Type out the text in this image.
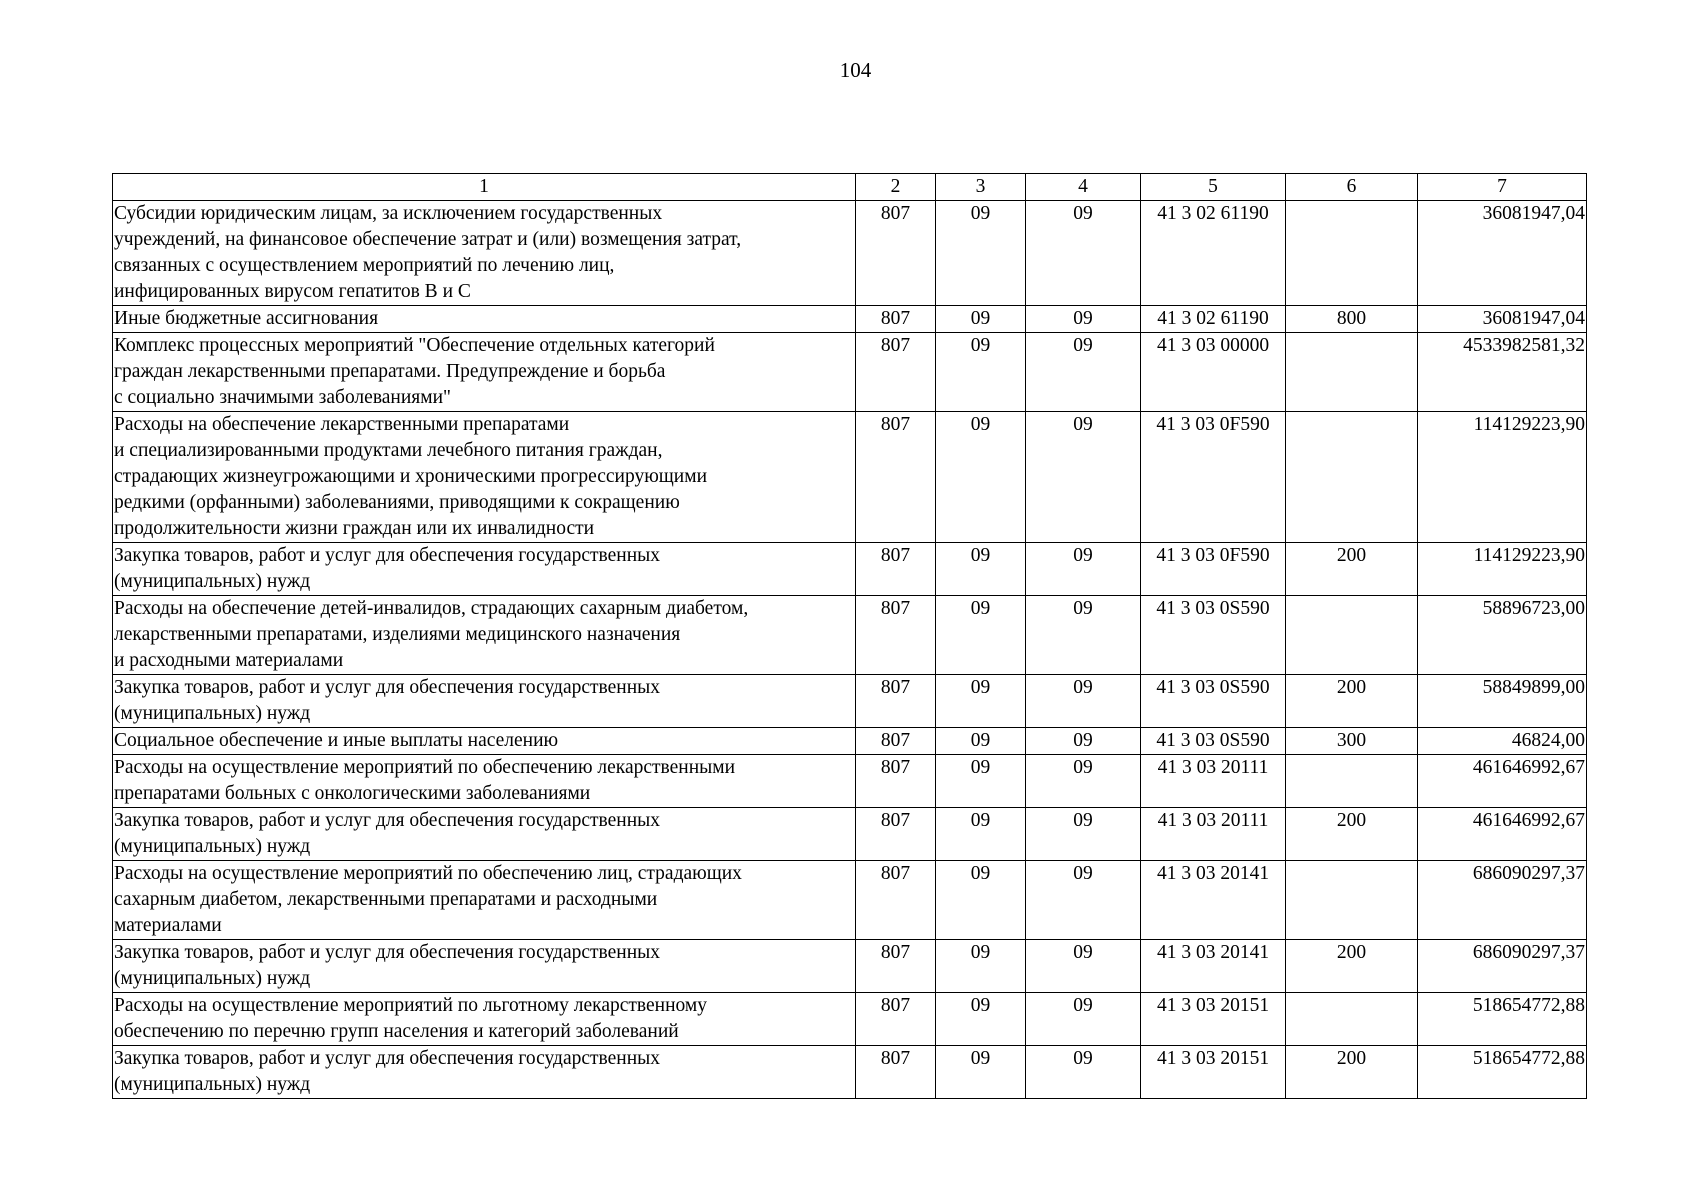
104
1	2	3	4	5	6	7

Субсидии юридическим лицам, за исключением государственных
учреждений, на финансовое обеспечение затрат и (или) возмещения затрат,
связанных с осуществлением мероприятий по лечению лиц,
инфицированных вирусом гепатитов В и С	807	09	09	41 3 02 61190		36081947,04

Иные бюджетные ассигнования	807	09	09	41 3 02 61190	800	36081947,04

Комплекс процессных мероприятий "Обеспечение отдельных категорий
граждан лекарственными препаратами. Предупреждение и борьба
с социально значимыми заболеваниями"	807	09	09	41 3 03 00000		4533982581,32

Расходы на обеспечение лекарственными препаратами
и специализированными продуктами лечебного питания граждан,
страдающих жизнеугрожающими и хроническими прогрессирующими
редкими (орфанными) заболеваниями, приводящими к сокращению
продолжительности жизни граждан или их инвалидности	807	09	09	41 3 03 0F590		114129223,90

Закупка товаров, работ и услуг для обеспечения государственных
(муниципальных) нужд	807	09	09	41 3 03 0F590	200	114129223,90

Расходы на обеспечение детей-инвалидов, страдающих сахарным диабетом,
лекарственными препаратами, изделиями медицинского назначения
и расходными материалами	807	09	09	41 3 03 0S590		58896723,00

Закупка товаров, работ и услуг для обеспечения государственных
(муниципальных) нужд	807	09	09	41 3 03 0S590	200	58849899,00

Социальное обеспечение и иные выплаты населению	807	09	09	41 3 03 0S590	300	46824,00

Расходы на осуществление мероприятий по обеспечению лекарственными
препаратами больных с онкологическими заболеваниями	807	09	09	41 3 03 20111		461646992,67

Закупка товаров, работ и услуг для обеспечения государственных
(муниципальных) нужд	807	09	09	41 3 03 20111	200	461646992,67

Расходы на осуществление мероприятий по обеспечению лиц, страдающих
сахарным диабетом, лекарственными препаратами и расходными
материалами	807	09	09	41 3 03 20141		686090297,37

Закупка товаров, работ и услуг для обеспечения государственных
(муниципальных) нужд	807	09	09	41 3 03 20141	200	686090297,37

Расходы на осуществление мероприятий по льготному лекарственному
обеспечению по перечню групп населения и категорий заболеваний	807	09	09	41 3 03 20151		518654772,88

Закупка товаров, работ и услуг для обеспечения государственных
(муниципальных) нужд	807	09	09	41 3 03 20151	200	518654772,88
